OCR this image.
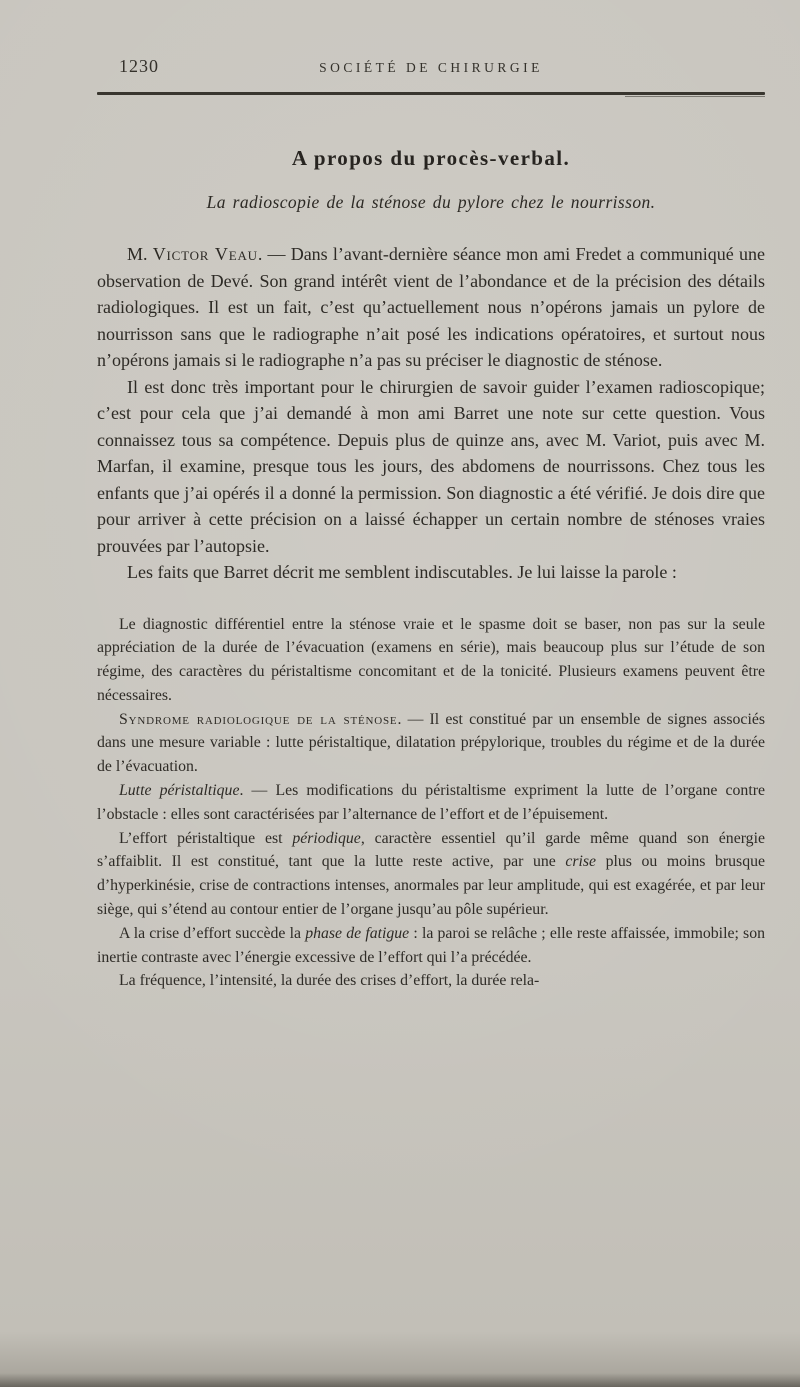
1230	SOCIÉTÉ DE CHIRURGIE
A propos du procès-verbal.
La radioscopie de la sténose du pylore chez le nourrisson.

M. Victor Veau. — Dans l’avant-dernière séance mon ami Fredet a communiqué une observation de Devé. Son grand intérêt vient de l’abondance et de la précision des détails radiologiques. Il est un fait, c’est qu’actuellement nous n’opérons jamais un pylore de nourrisson sans que le radiographe n’ait posé les indications opératoires, et surtout nous n’opérons jamais si le radiographe n’a pas su préciser le diagnostic de sténose.

Il est donc très important pour le chirurgien de savoir guider l’examen radioscopique; c’est pour cela que j’ai demandé à mon ami Barret une note sur cette question. Vous connaissez tous sa compétence. Depuis plus de quinze ans, avec M. Variot, puis avec M. Marfan, il examine, presque tous les jours, des abdomens de nourrissons. Chez tous les enfants que j’ai opérés il a donné la permission. Son diagnostic a été vérifié. Je dois dire que pour arriver à cette précision on a laissé échapper un certain nombre de sténoses vraies prouvées par l’autopsie.

Les faits que Barret décrit me semblent indiscutables. Je lui laisse la parole :

Le diagnostic différentiel entre la sténose vraie et le spasme doit se baser, non pas sur la seule appréciation de la durée de l’évacuation (examens en série), mais beaucoup plus sur l’étude de son régime, des caractères du péristaltisme concomitant et de la tonicité. Plusieurs examens peuvent être nécessaires.

Syndrome radiologique de la sténose. — Il est constitué par un ensemble de signes associés dans une mesure variable : lutte péristaltique, dilatation prépylorique, troubles du régime et de la durée de l’évacuation.

Lutte péristaltique. — Les modifications du péristaltisme expriment la lutte de l’organe contre l’obstacle : elles sont caractérisées par l’alternance de l’effort et de l’épuisement.

L’effort péristaltique est périodique, caractère essentiel qu’il garde même quand son énergie s’affaiblit. Il est constitué, tant que la lutte reste active, par une crise plus ou moins brusque d’hyperkinésie, crise de contractions intenses, anormales par leur amplitude, qui est exagérée, et par leur siège, qui s’étend au contour entier de l’organe jusqu’au pôle supérieur.

A la crise d’effort succède la phase de fatigue : la paroi se relâche ; elle reste affaissée, immobile; son inertie contraste avec l’énergie excessive de l’effort qui l’a précédée.

La fréquence, l’intensité, la durée des crises d’effort, la durée rela-
